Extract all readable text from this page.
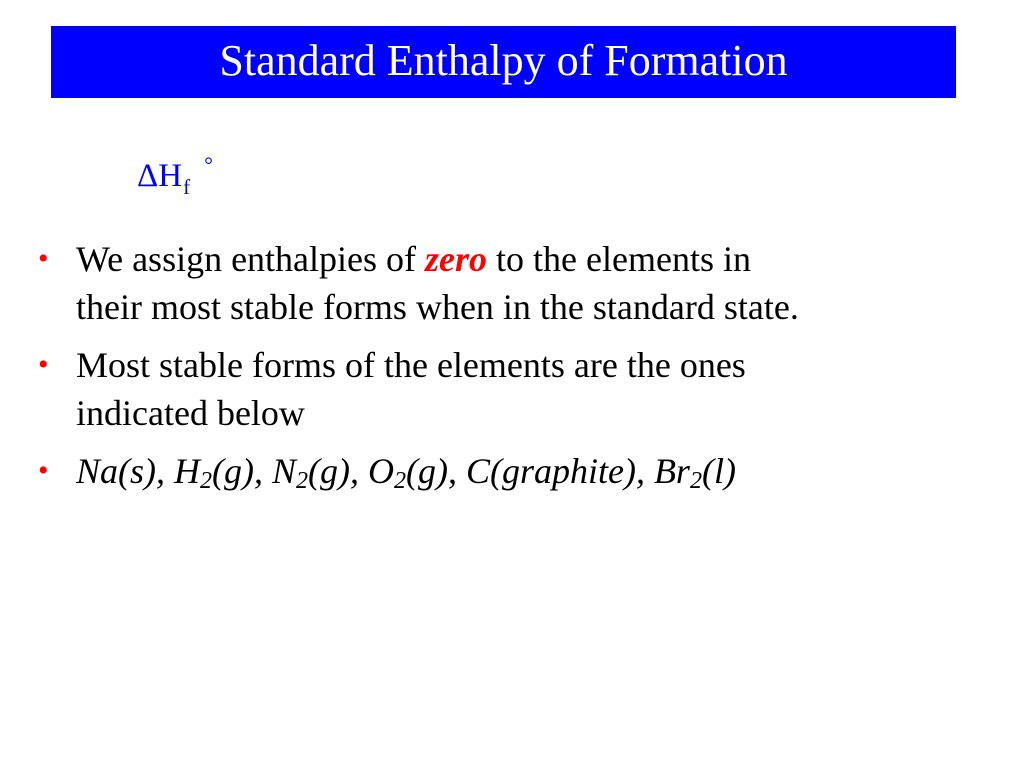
Standard Enthalpy of Formation
$\Delta H_f^\circ$
• We assign enthalpies of zero to the elements in
their most stable forms when in the standard state.
• Most stable forms of the elements are the ones
indicated below
• Na(s), $H_2(g)$, $N_2(g)$, $O_2(g)$, C(graphite), $Br_2(l)$
